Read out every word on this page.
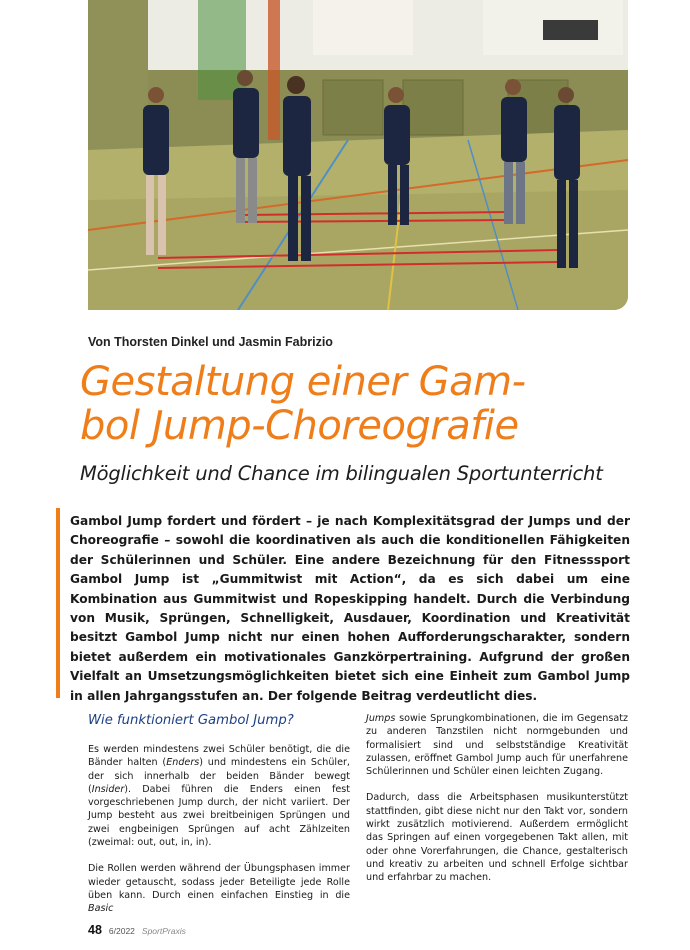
Von Thorsten Dinkel und Jasmin Fabrizio
Gestaltung einer Gam-
bol Jump-Choreografie
Möglichkeit und Chance im bilingualen Sportunterricht

Gambol Jump fordert und fördert – je nach Komplexitätsgrad der Jumps und der Choreografie – sowohl die koordinativen als auch die konditionellen Fähigkeiten der Schülerinnen und Schüler. Eine andere Bezeichnung für den Fitnesssport Gambol Jump ist „Gummitwist mit Action“, da es sich dabei um eine Kombination aus Gummitwist und Ropeskipping handelt. Durch die Verbindung von Musik, Sprüngen, Schnelligkeit, Ausdauer, Koordination und Kreativität besitzt Gambol Jump nicht nur einen hohen Aufforderungscharakter, sondern bietet außerdem ein motivationales Ganzkörpertraining. Aufgrund der großen Vielfalt an Umsetzungsmöglichkeiten bietet sich eine Einheit zum Gambol Jump in allen Jahrgangsstufen an. Der folgende Beitrag verdeutlicht dies.

Wie funktioniert Gambol Jump?

Es werden mindestens zwei Schüler benötigt, die die Bänder halten (Enders) und mindestens ein Schüler, der sich innerhalb der beiden Bänder bewegt (Insider). Dabei führen die Enders einen fest vorgeschriebenen Jump durch, der nicht variiert. Der Jump besteht aus zwei breitbeinigen Sprüngen und zwei engbeinigen Sprüngen auf acht Zählzeiten (zweimal: out, out, in, in).

Die Rollen werden während der Übungsphasen immer wieder getauscht, sodass jeder Beteiligte jede Rolle üben kann. Durch einen einfachen Einstieg in die Basic

Jumps sowie Sprungkombinationen, die im Gegensatz zu anderen Tanzstilen nicht normgebunden und formalisiert sind und selbstständige Kreativität zulassen, eröffnet Gambol Jump auch für unerfahrene Schülerinnen und Schüler einen leichten Zugang.

Dadurch, dass die Arbeitsphasen musikunterstützt stattfinden, gibt diese nicht nur den Takt vor, sondern wirkt zusätzlich motivierend. Außerdem ermöglicht das Springen auf einen vorgegebenen Takt allen, mit oder ohne Vorerfahrungen, die Chance, gestalterisch und kreativ zu arbeiten und schnell Erfolge sichtbar und erfahrbar zu machen.

48 6/2022 SportPraxis
